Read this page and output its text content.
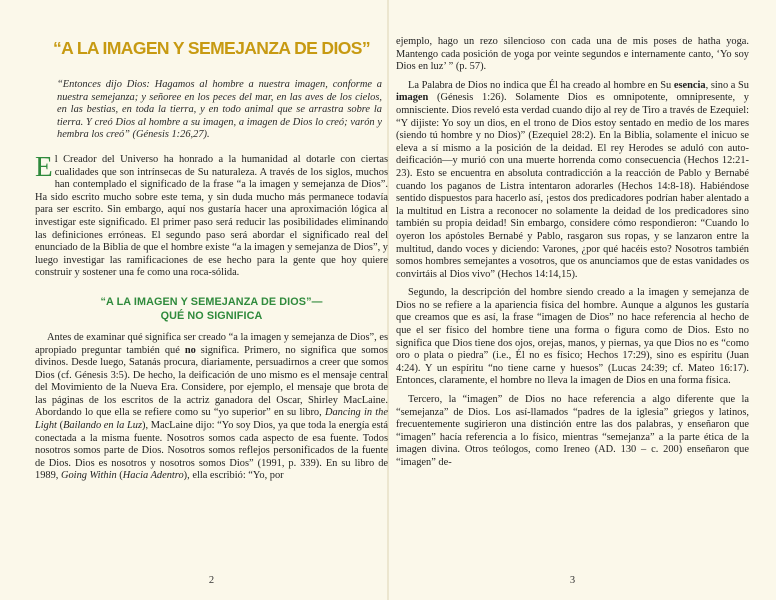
“A LA IMAGEN Y SEMEJANZA DE DIOS”
“Entonces dijo Dios: Hagamos al hombre a nuestra imagen, conforme a nuestra semejanza; y señoree en los peces del mar, en las aves de los cielos, en las bestias, en toda la tierra, y en todo animal que se arrastra sobre la tierra. Y creó Dios al hombre a su imagen, a imagen de Dios lo creó; varón y hembra los creó” (Génesis 1:26,27).

El Creador del Universo ha honrado a la humanidad al dotarle con ciertas cualidades que son intrínsecas de Su naturaleza. A través de los siglos, muchos han contemplado el significado de la frase “a la imagen y semejanza de Dios”. Ha sido escrito mucho sobre este tema, y sin duda mucho más permanece todavía para ser escrito. Sin embargo, aquí nos gustaría hacer una aproximación lógica al investigar este significado. El primer paso será reducir las posibilidades eliminando las definiciones erróneas. El segundo paso será abordar el significado real del enunciado de la Biblia de que el hombre existe “a la imagen y semejanza de Dios”, y luego investigar las ramificaciones de ese hecho para la gente que hoy quiere construir y sostener una fe como una roca-sólida.

“A LA IMAGEN Y SEMEJANZA DE DIOS”—
QUÉ NO SIGNIFICA

Antes de examinar qué significa ser creado “a la imagen y semejanza de Dios”, es apropiado preguntar también qué no significa. Primero, no significa que somos divinos. Desde luego, Satanás procura, diariamente, persuadirnos a creer que somos Dios (cf. Génesis 3:5). De hecho, la deificación de uno mismo es el mensaje central del Movimiento de la Nueva Era. Considere, por ejemplo, el mensaje que brota de las páginas de los escritos de la actriz ganadora del Oscar, Shirley MacLaine. Abordando lo que ella se refiere como su “yo superior” en su libro, Dancing in the Light (Bailando en la Luz), MacLaine dijo: “Yo soy Dios, ya que toda la energía está conectada a la misma fuente. Nosotros somos cada aspecto de esa fuente. Todos nosotros somos parte de Dios. Nosotros somos reflejos personificados de la fuente de Dios. Dios es nosotros y nosotros somos Dios” (1991, p. 339). En su libro de 1989, Going Within (Hacia Adentro), ella escribió: “Yo, por

2

ejemplo, hago un rezo silencioso con cada una de mis poses de hatha yoga. Mantengo cada posición de yoga por veinte segundos e internamente canto, ‘Yo soy Dios en luz’ ” (p. 57).

La Palabra de Dios no indica que Él ha creado al hombre en Su esencia, sino a Su imagen (Génesis 1:26). Solamente Dios es omnipotente, omnipresente, y omnisciente. Dios reveló esta verdad cuando dijo al rey de Tiro a través de Ezequiel: “Y dijiste: Yo soy un dios, en el trono de Dios estoy sentado en medio de los mares (siendo tú hombre y no Dios)” (Ezequiel 28:2). En la Biblia, solamente el inicuo se eleva a sí mismo a la posición de la deidad. El rey Herodes se aduló con auto-deificación—y murió con una muerte horrenda como consecuencia (Hechos 12:21-23). Esto se encuentra en absoluta contradicción a la reacción de Pablo y Bernabé cuando los paganos de Listra intentaron adorarles (Hechos 14:8-18). Habiéndose sentido dispuestos para hacerlo así, ¡estos dos predicadores podrían haber alentado a la multitud en Listra a reconocer no solamente la deidad de los predicadores sino también su propia deidad! Sin embargo, considere cómo respondieron: “Cuando lo oyeron los apóstoles Bernabé y Pablo, rasgaron sus ropas, y se lanzaron entre la multitud, dando voces y diciendo: Varones, ¿por qué hacéis esto? Nosotros también somos hombres semejantes a vosotros, que os anunciamos que de estas vanidades os convirtáis al Dios vivo” (Hechos 14:14,15).

Segundo, la descripción del hombre siendo creado a la imagen y semejanza de Dios no se refiere a la apariencia física del hombre. Aunque a algunos les gustaría que creamos que es así, la frase “imagen de Dios” no hace referencia al hecho de que el ser físico del hombre tiene una forma o figura como de Dios. Esto no significa que Dios tiene dos ojos, orejas, manos, y piernas, ya que Dios no es “como oro o plata o piedra” (i.e., Él no es físico; Hechos 17:29), sino es espíritu (Juan 4:24). Y un espíritu “no tiene carne y huesos” (Lucas 24:39; cf. Mateo 16:17). Entonces, claramente, el hombre no lleva la imagen de Dios en una forma física.

Tercero, la “imagen” de Dios no hace referencia a algo diferente que la “semejanza” de Dios. Los así-llamados “padres de la iglesia” griegos y latinos, frecuentemente sugirieron una distinción entre las dos palabras, y enseñaron que “imagen” hacía referencia a lo físico, mientras “semejanza” a la parte ética de la imagen divina. Otros teólogos, como Ireneo (AD. 130 – c. 200) enseñaron que “imagen” de-

3
